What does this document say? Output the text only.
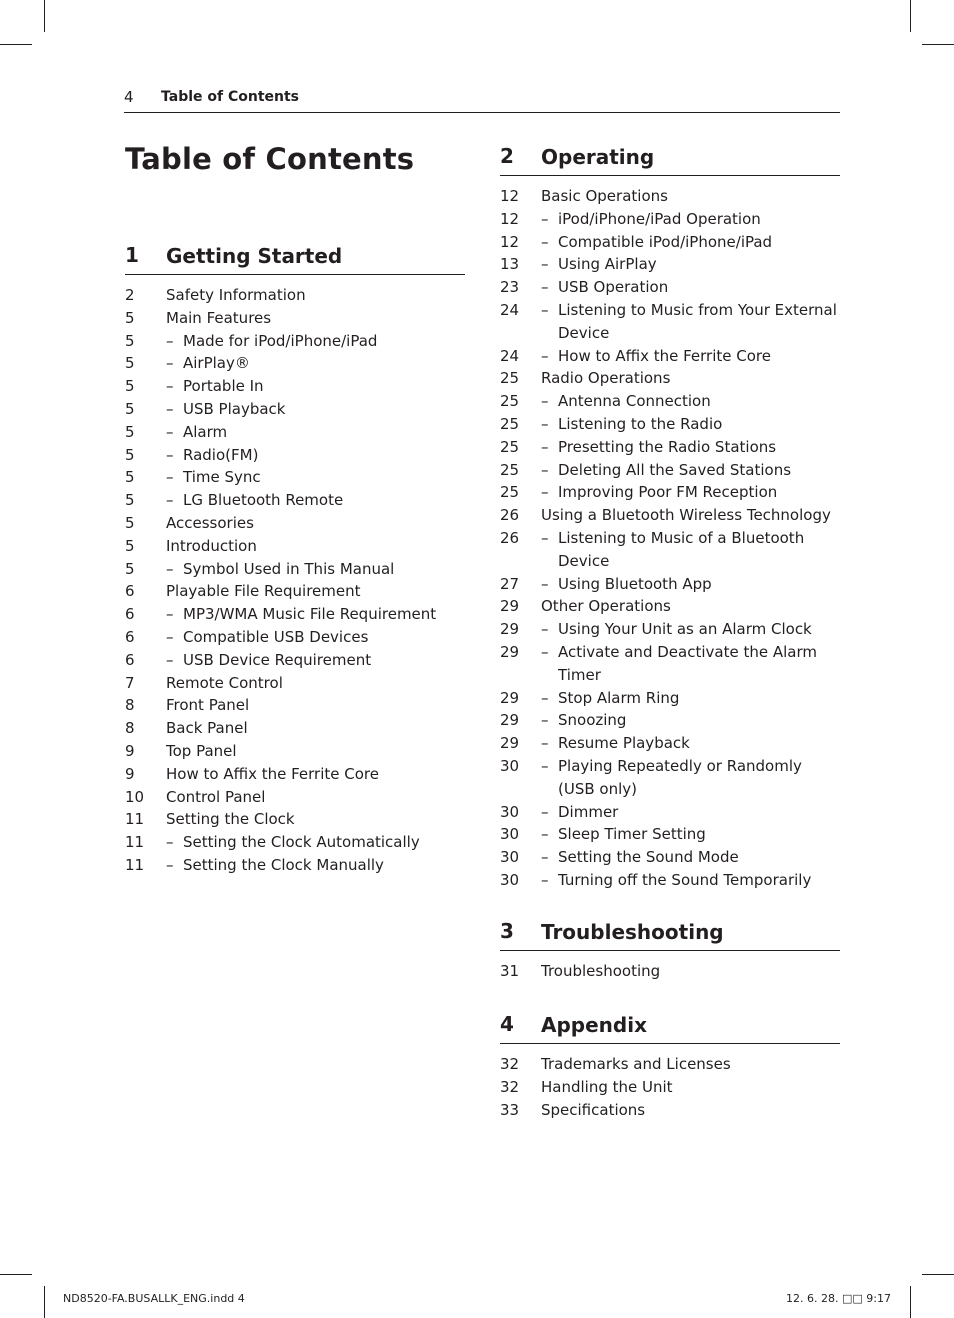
4 Table of Contents
Table of Contents
1 Getting Started
2	Safety Information
5	Main Features
5	– Made for iPod/iPhone/iPad
5	– AirPlay®
5	– Portable In
5	– USB Playback
5	– Alarm
5	– Radio(FM)
5	– Time Sync
5	– LG Bluetooth Remote
5	Accessories
5	Introduction
5	– Symbol Used in This Manual
6	Playable File Requirement
6	– MP3/WMA Music File Requirement
6	– Compatible USB Devices
6	– USB Device Requirement
7	Remote Control
8	Front Panel
8	Back Panel
9	Top Panel
9	How to Affix the Ferrite Core
10	Control Panel
11	Setting the Clock
11	– Setting the Clock Automatically
11	– Setting the Clock Manually
2 Operating
12	Basic Operations
12	– iPod/iPhone/iPad Operation
12	– Compatible iPod/iPhone/iPad
13	– Using AirPlay
23	– USB Operation
24	– Listening to Music from Your External Device
24	– How to Affix the Ferrite Core
25	Radio Operations
25	– Antenna Connection
25	– Listening to the Radio
25	– Presetting the Radio Stations
25	– Deleting All the Saved Stations
25	– Improving Poor FM Reception
26	Using a Bluetooth Wireless Technology
26	– Listening to Music of a Bluetooth Device
27	– Using Bluetooth App
29	Other Operations
29	– Using Your Unit as an Alarm Clock
29	– Activate and Deactivate the Alarm Timer
29	– Stop Alarm Ring
29	– Snoozing
29	– Resume Playback
30	– Playing Repeatedly or Randomly (USB only)
30	– Dimmer
30	– Sleep Timer Setting
30	– Setting the Sound Mode
30	– Turning off the Sound Temporarily
3 Troubleshooting
31	Troubleshooting
4 Appendix
32	Trademarks and Licenses
32	Handling the Unit
33	Specifications
ND8520-FA.BUSALLK_ENG.indd 4	12. 6. 28. □□ 9:17
